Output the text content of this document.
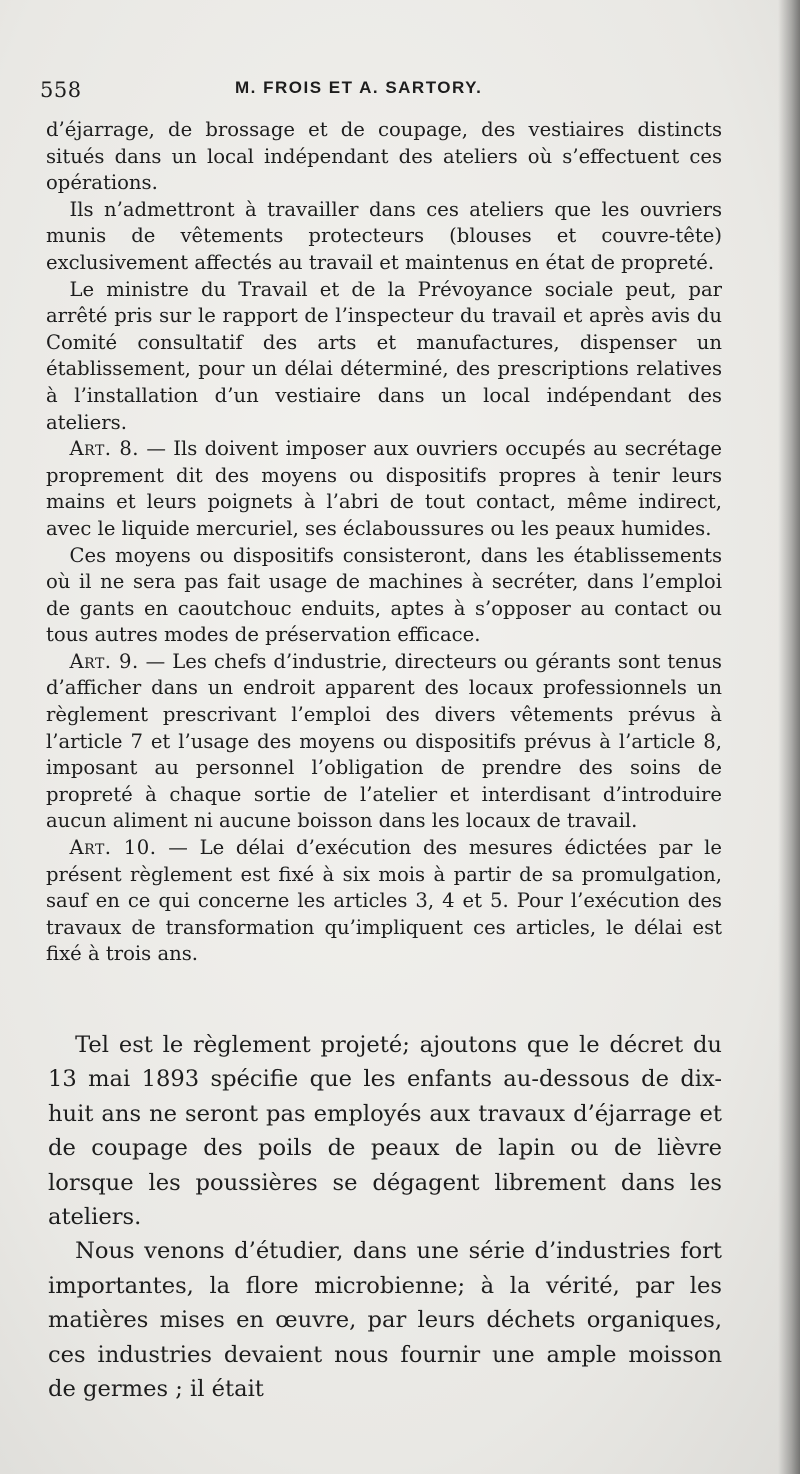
558	M. FROIS ET A. SARTORY.

d’éjarrage, de brossage et de coupage, des vestiaires distincts situés dans un local indépendant des ateliers où s’effectuent ces opérations.

Ils n’admettront à travailler dans ces ateliers que les ouvriers munis de vêtements protecteurs (blouses et couvre-tête) exclusivement affectés au travail et maintenus en état de propreté.

Le ministre du Travail et de la Prévoyance sociale peut, par arrêté pris sur le rapport de l’inspecteur du travail et après avis du Comité consultatif des arts et manufactures, dispenser un établissement, pour un délai déterminé, des prescriptions relatives à l’installation d’un vestiaire dans un local indépendant des ateliers.

Art. 8. — Ils doivent imposer aux ouvriers occupés au secrétage proprement dit des moyens ou dispositifs propres à tenir leurs mains et leurs poignets à l’abri de tout contact, même indirect, avec le liquide mercuriel, ses éclaboussures ou les peaux humides.

Ces moyens ou dispositifs consisteront, dans les établissements où il ne sera pas fait usage de machines à secréter, dans l’emploi de gants en caoutchouc enduits, aptes à s’opposer au contact ou tous autres modes de préservation efficace.

Art. 9. — Les chefs d’industrie, directeurs ou gérants sont tenus d’afficher dans un endroit apparent des locaux professionnels un règlement prescrivant l’emploi des divers vêtements prévus à l’article 7 et l’usage des moyens ou dispositifs prévus à l’article 8, imposant au personnel l’obligation de prendre des soins de propreté à chaque sortie de l’atelier et interdisant d’introduire aucun aliment ni aucune boisson dans les locaux de travail.

Art. 10. — Le délai d’exécution des mesures édictées par le présent règlement est fixé à six mois à partir de sa promulgation, sauf en ce qui concerne les articles 3, 4 et 5. Pour l’exécution des travaux de transformation qu’impliquent ces articles, le délai est fixé à trois ans.

Tel est le règlement projeté; ajoutons que le décret du 13 mai 1893 spécifie que les enfants au-dessous de dix-huit ans ne seront pas employés aux travaux d’éjarrage et de coupage des poils de peaux de lapin ou de lièvre lorsque les poussières se dégagent librement dans les ateliers.

Nous venons d’étudier, dans une série d’industries fort importantes, la flore microbienne; à la vérité, par les matières mises en œuvre, par leurs déchets organiques, ces industries devaient nous fournir une ample moisson de germes ; il était
